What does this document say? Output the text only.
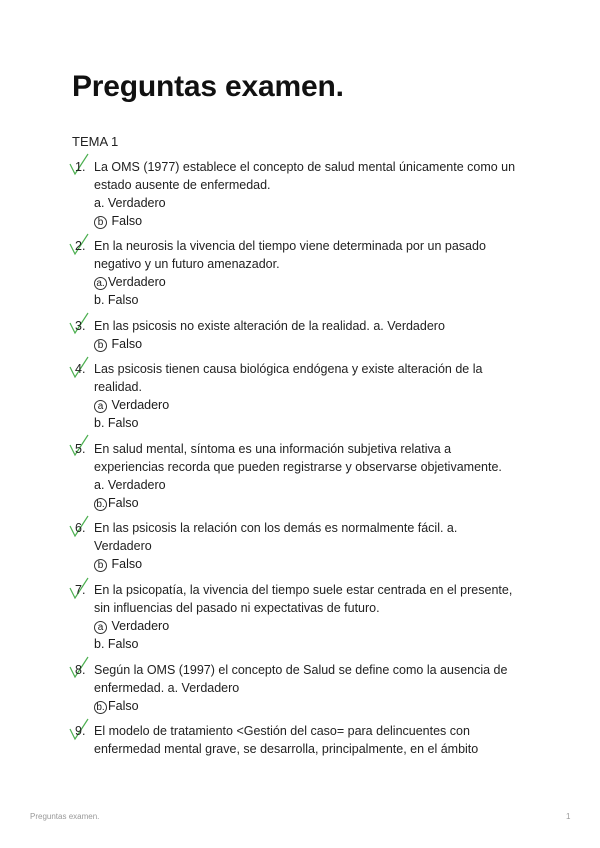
Preguntas examen.
TEMA 1
1. La OMS (1977) establece el concepto de salud mental únicamente como un
estado ausente de enfermedad.
a. Verdadero
b Falso
2. En la neurosis la vivencia del tiempo viene determinada por un pasado
negativo y un futuro amenazador.
a. Verdadero
b. Falso
3. En las psicosis no existe alteración de la realidad. a. Verdadero
b Falso
4. Las psicosis tienen causa biológica endógena y existe alteración de la
realidad.
a Verdadero
b. Falso
5. En salud mental, síntoma es una información subjetiva relativa a
experiencias recorda que pueden registrarse y observarse objetivamente.
a. Verdadero
b. Falso
6. En las psicosis la relación con los demás es normalmente fácil. a.
Verdadero
b Falso
7. En la psicopatía, la vivencia del tiempo suele estar centrada en el presente,
sin influencias del pasado ni expectativas de futuro.
a Verdadero
b. Falso
8. Según la OMS (1997) el concepto de Salud se define como la ausencia de
enfermedad. a. Verdadero
b. Falso
9. El modelo de tratamiento <Gestión del caso= para delincuentes con
enfermedad mental grave, se desarrolla, principalmente, en el ámbito
Preguntas examen.	1
